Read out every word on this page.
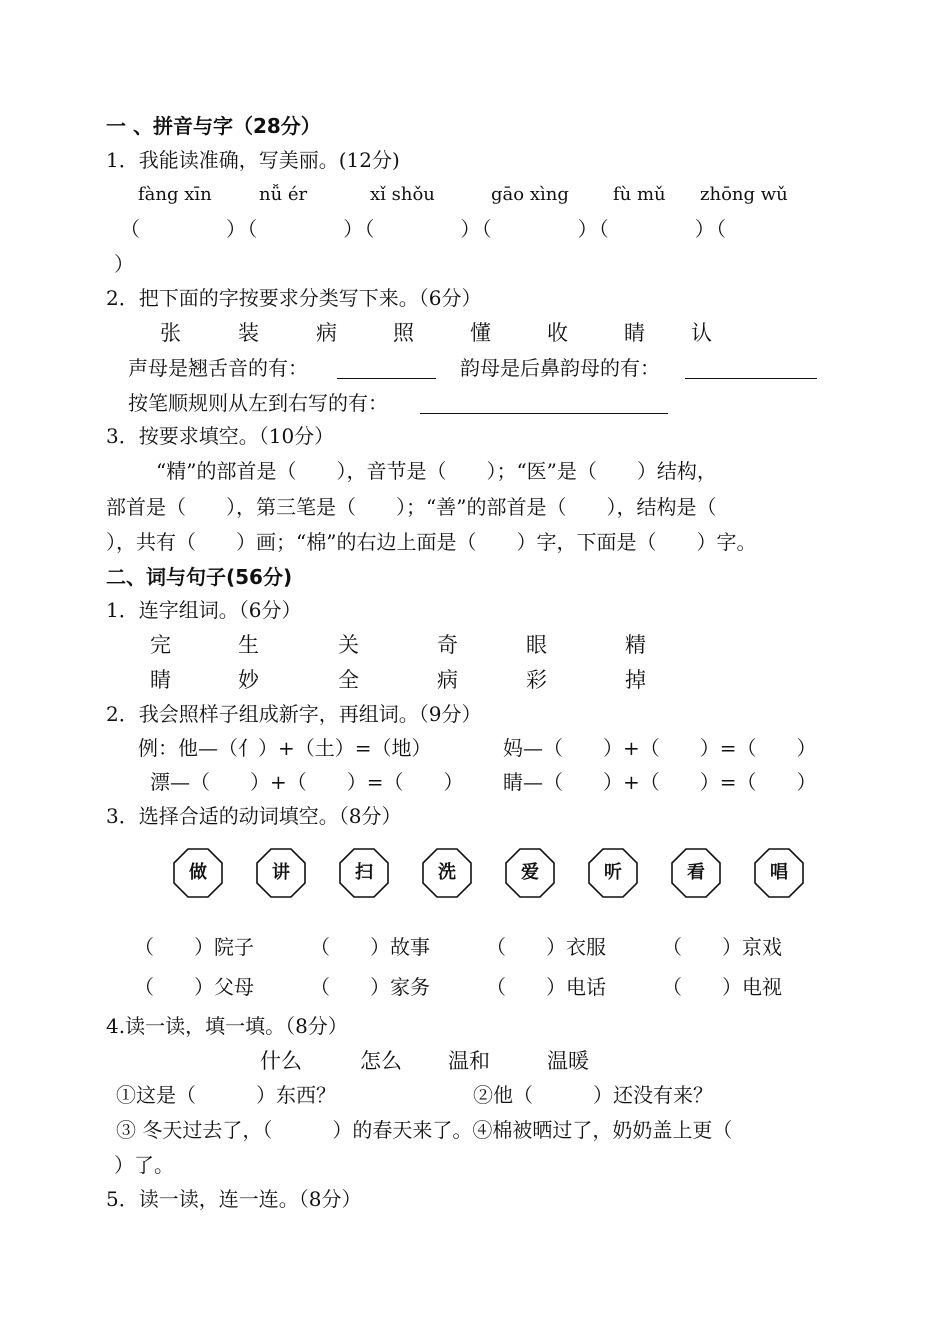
一 、拼音与字（28分）
1．我能读准确，写美丽。(12分)
fàng xīn	nǚ ér	xǐ shǒu	gāo xìng fù mǔ zhōng wǔ
（　　　　）（　　　　）（　　　　）（　　　　）（　　　　）（
）
2．把下面的字按要求分类写下来。（6分）
张	装	病	照	懂	收	睛 认
声母是翘舌音的有：	韵母是后鼻韵母的有：
按笔顺规则从左到右写的有：
3．按要求填空。（10分）
“精”的部首是（　　），音节是（　　）；“医”是（　　）结构，
部首是（　　），第三笔是（　　）；“善”的部首是（　　），结构是（
），共有（　　）画；“棉”的右边上面是（　　）字，下面是（　　）字。
二、词与句子(56分)
1．连字组词。（6分）
完	生	关	奇	眼	精
睛	妙	全	病	彩	掉
2．我会照样子组成新字，再组词。（9分）
例：他—（亻）+（土）=（地）	妈—（　　）+（　　）=（　　）
漂—（　　）+（　　）=（　　） 睛—（　　）+（　　）=（　　）
3．选择合适的动词填空。（8分）
做	讲	扫	洗	爱	听	看	唱
（　　）院子	（　　）故事	（　　）衣服	（　　）京戏
（　　）父母	（　　）家务	（　　）电话	（　　）电视
4.读一读，填一填。（8分）
什么	怎么 温和	温暖
①这是（　　　）东西？	②他（　　　）还没有来？
③ 冬天过去了，（　　　）的春天来了。④棉被晒过了，奶奶盖上更（
）了。
5．读一读，连一连。（8分）
